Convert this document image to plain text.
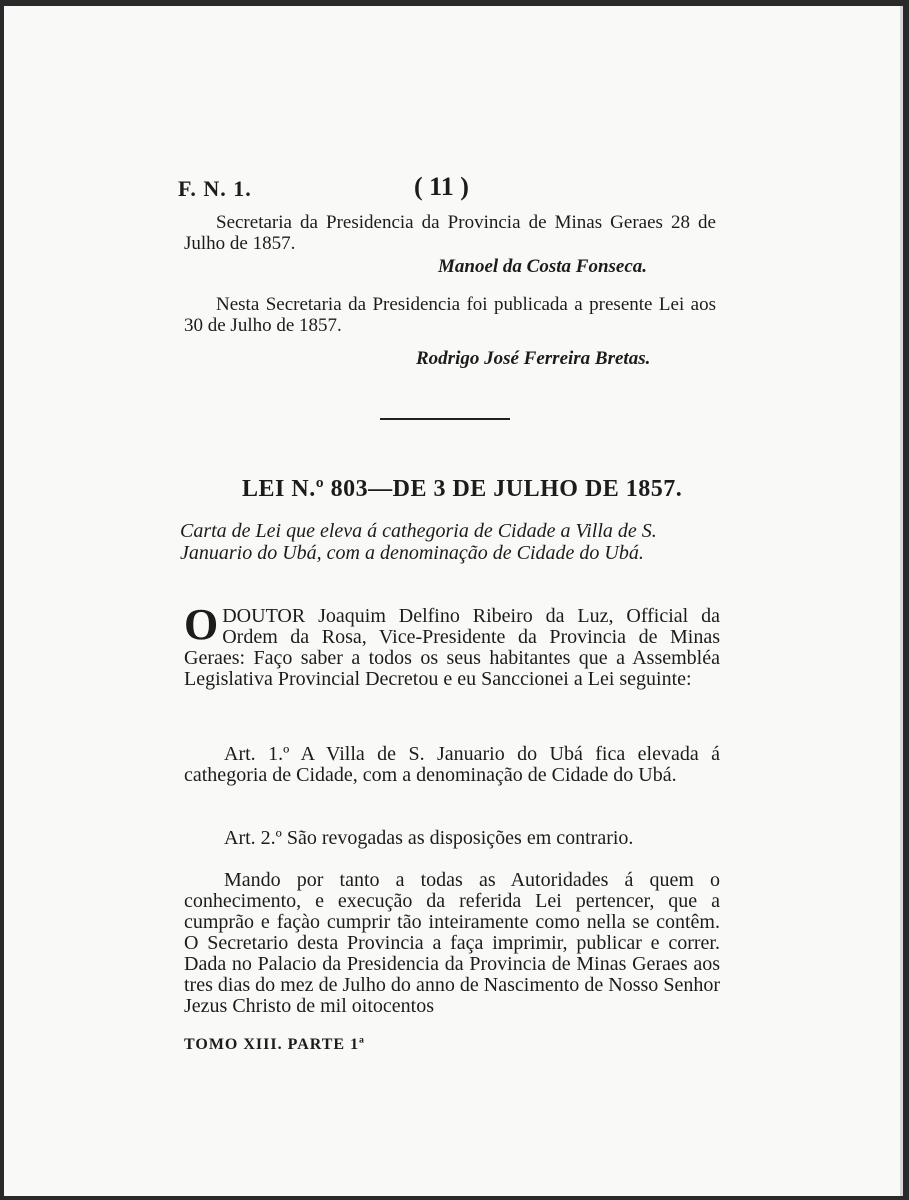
F. N. 1.	( 11 )
Secretaria da Presidencia da Provincia de Minas Geraes 28 de Julho de 1857.
Manoel da Costa Fonseca.
Nesta Secretaria da Presidencia foi publicada a presente Lei aos 30 de Julho de 1857.
Rodrigo José Ferreira Bretas.
LEI N.º 803—DE 3 DE JULHO DE 1857.
Carta de Lei que eleva á cathegoria de Cidade a Villa de S. Januario do Ubá, com a denominação de Cidade do Ubá.
O DOUTOR Joaquim Delfino Ribeiro da Luz, Official da Ordem da Rosa, Vice-Presidente da Provincia de Minas Geraes: Faço saber a todos os seus habitantes que a Assembléa Legislativa Provincial Decretou e eu Sanccionei a Lei seguinte:
Art. 1.º A Villa de S. Januario do Ubá fica elevada á cathegoria de Cidade, com a denominação de Cidade do Ubá.
Art. 2.º São revogadas as disposições em contrario.
Mando por tanto a todas as Autoridades á quem o conhecimento, e execução da referida Lei pertencer, que a cumprão e façào cumprir tão inteiramente como nella se contêm. O Secretario desta Provincia a faça imprimir, publicar e correr. Dada no Palacio da Presidencia da Provincia de Minas Geraes aos tres dias do mez de Julho do anno de Nascimento de Nosso Senhor Jezus Christo de mil oitocentos
TOMO XIII. PARTE 1ª
